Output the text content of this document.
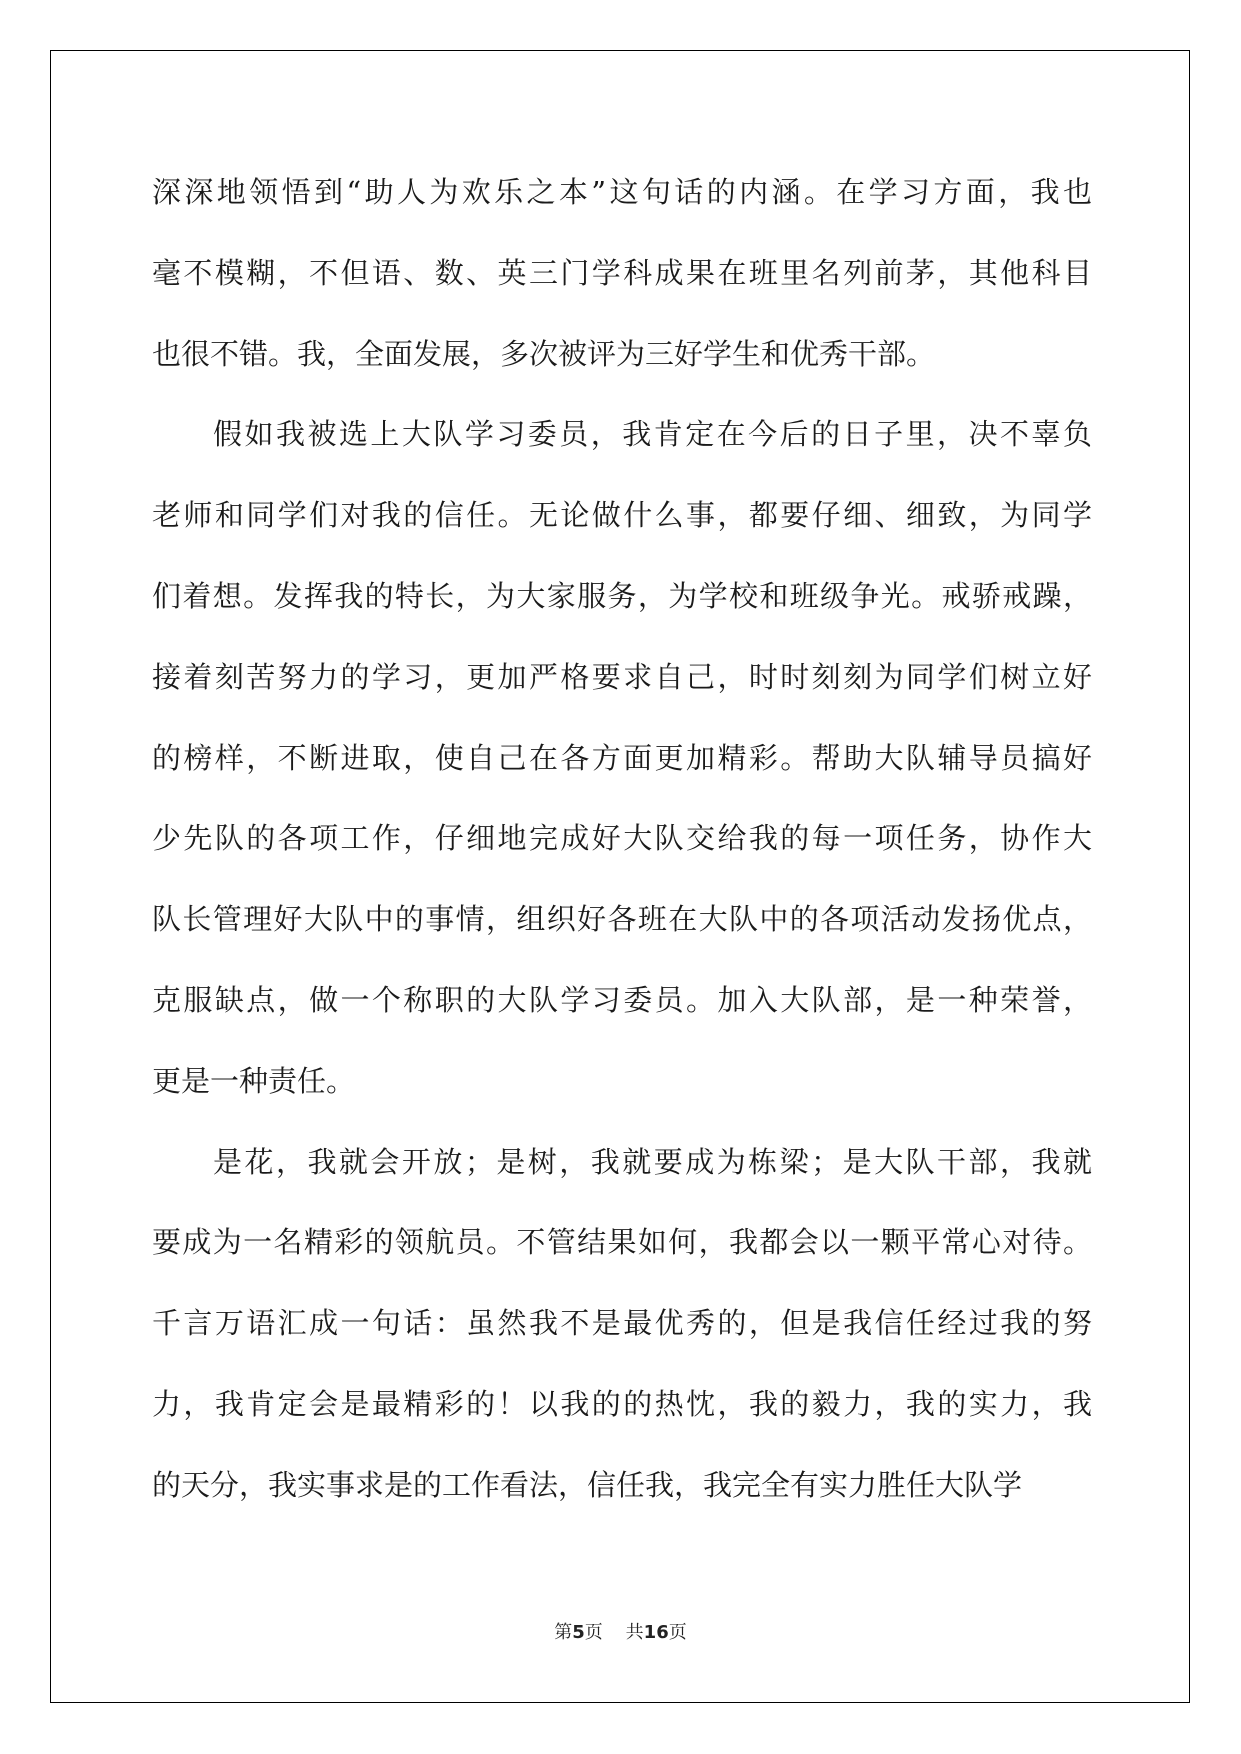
深深地领悟到“助人为欢乐之本”这句话的内涵。在学习方面，我也
毫不模糊，不但语、数、英三门学科成果在班里名列前茅，其他科目
也很不错。我，全面发展，多次被评为三好学生和优秀干部。
假如我被选上大队学习委员，我肯定在今后的日子里，决不辜负
老师和同学们对我的信任。无论做什么事，都要仔细、细致，为同学
们着想。发挥我的特长，为大家服务，为学校和班级争光。戒骄戒躁，
接着刻苦努力的学习，更加严格要求自己，时时刻刻为同学们树立好
的榜样，不断进取，使自己在各方面更加精彩。帮助大队辅导员搞好
少先队的各项工作，仔细地完成好大队交给我的每一项任务，协作大
队长管理好大队中的事情，组织好各班在大队中的各项活动发扬优点，
克服缺点，做一个称职的大队学习委员。加入大队部，是一种荣誉，
更是一种责任。
是花，我就会开放；是树，我就要成为栋梁；是大队干部，我就
要成为一名精彩的领航员。不管结果如何，我都会以一颗平常心对待。
千言万语汇成一句话：虽然我不是最优秀的，但是我信任经过我的努
力，我肯定会是最精彩的！以我的的热忱，我的毅力，我的实力，我
的天分，我实事求是的工作看法，信任我，我完全有实力胜任大队学
第5页 共16页
